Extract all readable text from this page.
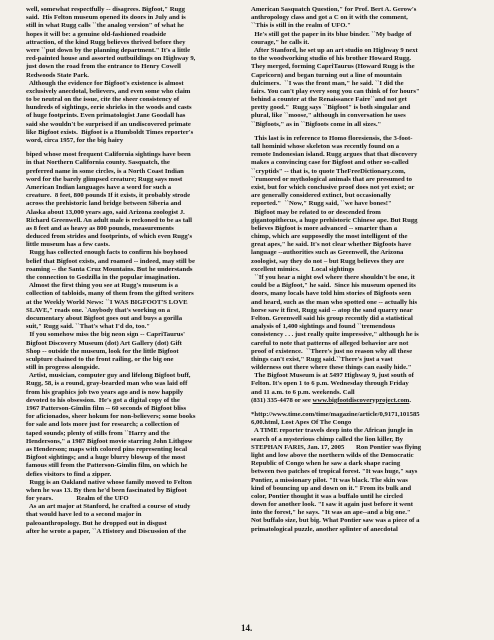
well, somewhat respectfully -- disagrees. Bigfoot," Rugg

said.  His Felton museum opened its doors in July and is

still in what Rugg calls ``the analog version" of what he

hopes it will be: a genuine old-fashioned roadside

attraction, of the kind Rugg believes thrived before they

were ``put down by the planning department." It's a little

red-painted house and assorted outbuildings on Highway 9,

just down the road from the entrance to Henry Cowell

Redwoods State Park.

Although the evidence for Bigfoot's existence is almost

exclusively anecdotal, believers, and even some who claim

to be neutral on the issue, cite the sheer consistency of

hundreds of sightings, eerie shrieks in the woods and casts

of huge footprints. Even primatologist Jane Goodall has

said she wouldn't be surprised if an undiscovered primate

like Bigfoot exists.  Bigfoot is a Humboldt Times reporter's

word, circa 1957, for the big hairy

biped whose most frequent California sightings have been

in that Northern California county. Sasquatch, the

preferred name in some circles, is a North Coast Indian

word for the barely glimpsed creature; Rugg says most

American Indian languages have a word for such a

creature.  8 feet, 800 pounds If it exists, it probably strode

across the prehistoric land bridge between Siberia and

Alaska about 13,000 years ago, said Arizona zoologist J.

Richard Greenwell. An adult male is reckoned to be as tall

as 8 feet and as heavy as 800 pounds, measurements

deduced from strides and footprints, of which even Rugg's

little museum has a few casts.

Rugg has collected enough facts to confirm his boyhood

belief that Bigfoot exists, and roamed -- indeed, may still be

roaming -- the Santa Cruz Mountains. But he understands

the connection to Godzilla in the popular imagination.

Almost the first thing you see at Rugg's museum is a

collection of tabloids, many of them from the gifted writers

at the Weekly World News: ``I WAS BIGFOOT'S LOVE

SLAVE," reads one. `Anybody that's working on a

documentary about Bigfoot goes out and buys a gorilla

suit," Rugg said. ``That's what I'd do, too."

If you somehow miss the big neon sign -- CapriTaurus'

Bigfoot Discovery Museum (dot) Art Gallery (dot) Gift

Shop -- outside the museum, look for the little Bigfoot

sculpture chained to the front railing, or the big one

still in progress alongside.

Artist, musician, computer guy and lifelong Bigfoot buff,

Rugg, 58, is a round, gray-bearded man who was laid off

from his graphics job two years ago and is now happily

devoted to his obsession.  He's got a digital copy of the

1967 Patterson-Gimlin film -- 60 seconds of Bigfoot bliss

for aficionados, sheer hokum for non-believers; some books

for sale and lots more just for research; a collection of

taped sounds; plenty of stills from ``Harry and the

Hendersons," a 1987 Bigfoot movie starring John Lithgow

as Henderson; maps with colored pins representing local

Bigfoot sightings; and a huge blurry blowup of the most

famous still from the Patterson-Gimlin film, on which he

defies visitors to find a zipper.

Rugg is an Oakland native whose family moved to Felton

when he was 13. By then he'd been fascinated by Bigfoot

for years.              Realm of the UFO

As an art major at Stanford, he crafted a course of study

that would have led to a second major in

paleoanthropology. But he dropped out in disgust

after he wrote a paper, ``A History and Discussion of the

American Sasquatch Question," for Prof. Bert A. Gerow's

anthropology class and got a C on it with the comment,

``This is still in the realm of UFO."

He's still got the paper in its blue binder. ``My badge of

courage," he calls it.

After Stanford, he set up an art studio on Highway 9 next

to the woodworking studio of his brother Howard Rugg.

They merged, forming CapriTaurus (Howard Rugg is the

Capricorn) and began turning out a line of mountain

dulcimers.  ``I was the front man," he said. ``I did the

fairs. You can't play every song you can think of for hours"

behind a counter at the Renaissance Faire``and not get

pretty good."  Rugg says ``Bigfoot" is both singular and

plural, like ``moose," although in conversation he uses

``Bigfoots," as in ``Bigfoots come in all sizes."

This last is in reference to Homo floresiensis, the 3-foot-

tall hominid whose skeleton was recently found on a

remote Indonesian island. Rugg argues that that discovery

makes a convincing case for Bigfoot and other so-called

``cryptids" -- that is, to quote TheFreeDictionary.com,

``rumored or mythological animals that are presumed to

exist, but for which conclusive proof does not yet exist; or

are generally considered extinct, but occasionally

reported."  ``Now," Rugg said, ``we have bones!"

Bigfoot may be related to or descended from

gigantopithecus, a huge prehistoric Chinese ape. But Rugg

believes Bigfoot is more advanced -- smarter than a

chimp, which are supposedly the most intelligent of the

great apes," he said. It's not clear whether Bigfoots have

language --authorities such as Greenwell, the Arizona

zoologist, say they do not – but Rugg believes they are

excellent mimics.       Local sightings

``If you hear a night owl where there shouldn't be one, it

could be a Bigfoot," he said.  Since his museum opened its

doors, many locals have told him stories of Bigfoots seen

and heard, such as the man who spotted one -- actually his

horse saw it first, Rugg said -- atop the sand quarry near

Felton. Greenwell said his group recently did a statistical

analysis of 1,400 sightings and found ``tremendous

consistency . . . just really quite impressive," although he is

careful to note that patterns of alleged behavior are not

proof of existence.  ``There's just no reason why all these

things can't exist," Rugg said.``There's just a vast

wilderness out there where these things can easily hide."

The Bigfoot Museum is at 5497 Highway 9, just south of

Felton. It's open 1 to 6 p.m. Wednesday through Friday

and 11 a.m. to 6 p.m. weekends. Call

(831) 335-4478 or see www.bigfootdiscoveryproject.com.

*http://www.time.com/time/magazine/article/0,9171,101585

6,00.html, Lost Apes Of The Congo

A TIME reporter travels deep into the African jungle in

search of a mysterious chimp called the lion killer, By

STEPHAN FARIS, Jan. 17, 2005       Ron Pontier was flying

light and low above the northern wilds of the Democratic

Republic of Congo when he saw a dark shape racing

between two patches of tropical forest. "It was huge," says

Pontier, a missionary pilot. "It was black. The skin was

kind of bouncing up and down on it." From its bulk and

color, Pontier thought it was a buffalo until he circled

down for another look. "I saw it again just before it went

into the forest," he says. "It was an ape--and a big one."

Not buffalo size, but big. What Pontier saw was a piece of a

primatological puzzle, another splinter of anecdotal

14.
